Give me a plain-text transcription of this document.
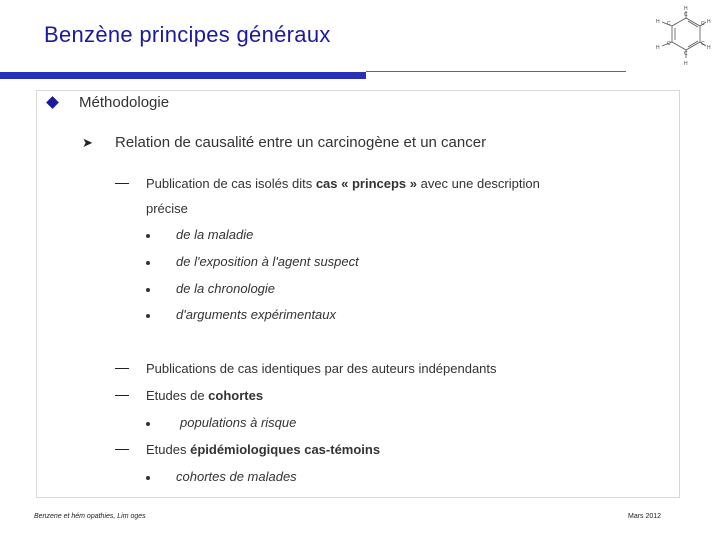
Benzène principes généraux
H
H
H
H
H
H
C
C
C
C
C
C
Méthodologie
➤ Relation de causalité entre un carcinogène et un cancer
Publication de cas isolés dits cas « princeps » avec une description
précise
de la maladie
de l'exposition à l'agent suspect
de la chronologie
d'arguments expérimentaux
Publications de cas identiques par des auteurs indépendants
Etudes de cohortes
populations à risque
Etudes épidémiologiques cas-témoins
cohortes de malades
Benzene et hém opathies, Lim oges	Mars 2012
